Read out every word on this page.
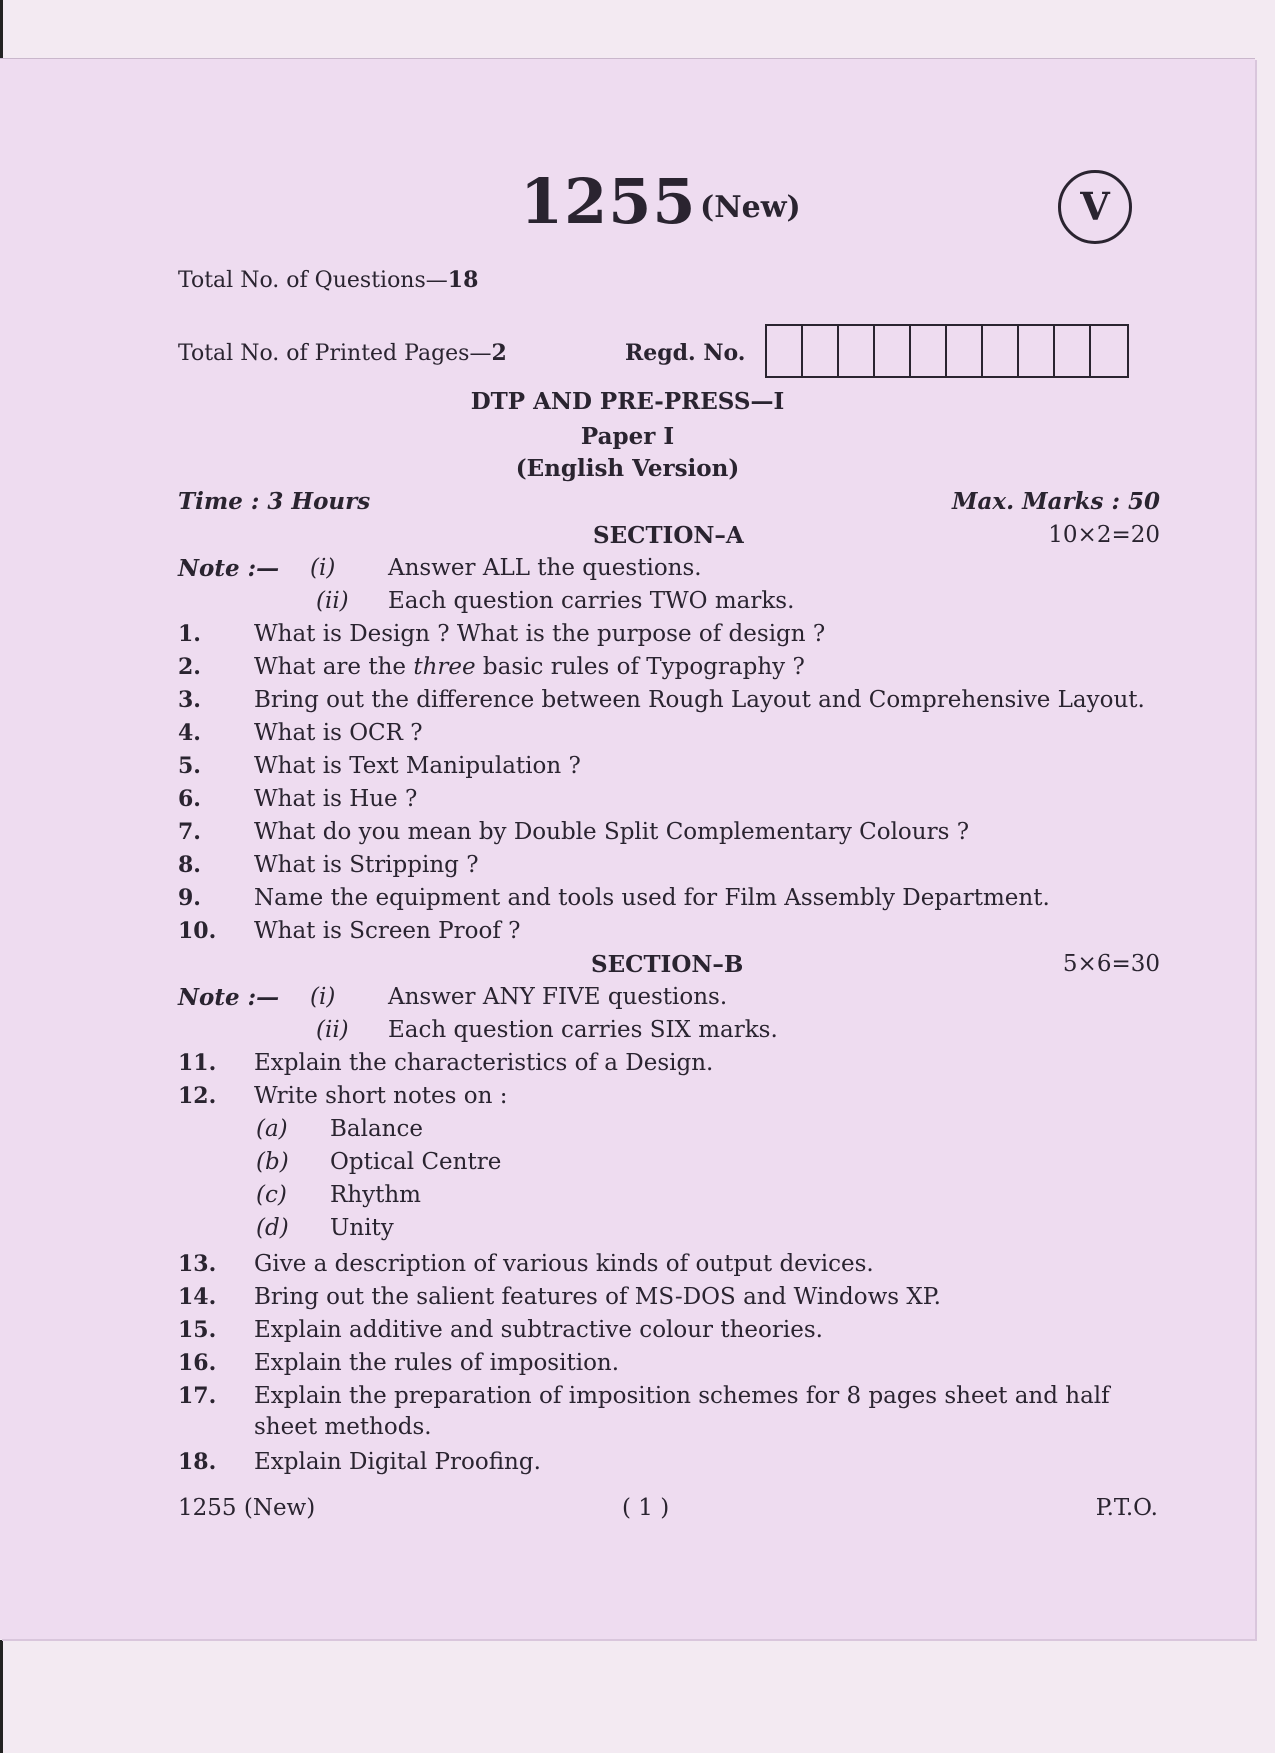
1255 (New)	V
Total No. of Questions—18
Total No. of Printed Pages—2	Regd. No.
DTP AND PRE-PRESS—I
Paper I
(English Version)
Time : 3 Hours	Max. Marks : 50
SECTION–A	10×2=20
Note :— (i) Answer ALL the questions.
(ii) Each question carries TWO marks.
1. What is Design ? What is the purpose of design ?
2. What are the three basic rules of Typography ?
3. Bring out the difference between Rough Layout and Comprehensive Layout.
4. What is OCR ?
5. What is Text Manipulation ?
6. What is Hue ?
7. What do you mean by Double Split Complementary Colours ?
8. What is Stripping ?
9. Name the equipment and tools used for Film Assembly Department.
10. What is Screen Proof ?
SECTION–B	5×6=30
Note :— (i) Answer ANY FIVE questions.
(ii) Each question carries SIX marks.
11. Explain the characteristics of a Design.
12. Write short notes on :
(a) Balance
(b) Optical Centre
(c) Rhythm
(d) Unity
13. Give a description of various kinds of output devices.
14. Bring out the salient features of MS-DOS and Windows XP.
15. Explain additive and subtractive colour theories.
16. Explain the rules of imposition.
17. Explain the preparation of imposition schemes for 8 pages sheet and half
sheet methods.
18. Explain Digital Proofing.
1255 (New)	( 1 )	P.T.O.
